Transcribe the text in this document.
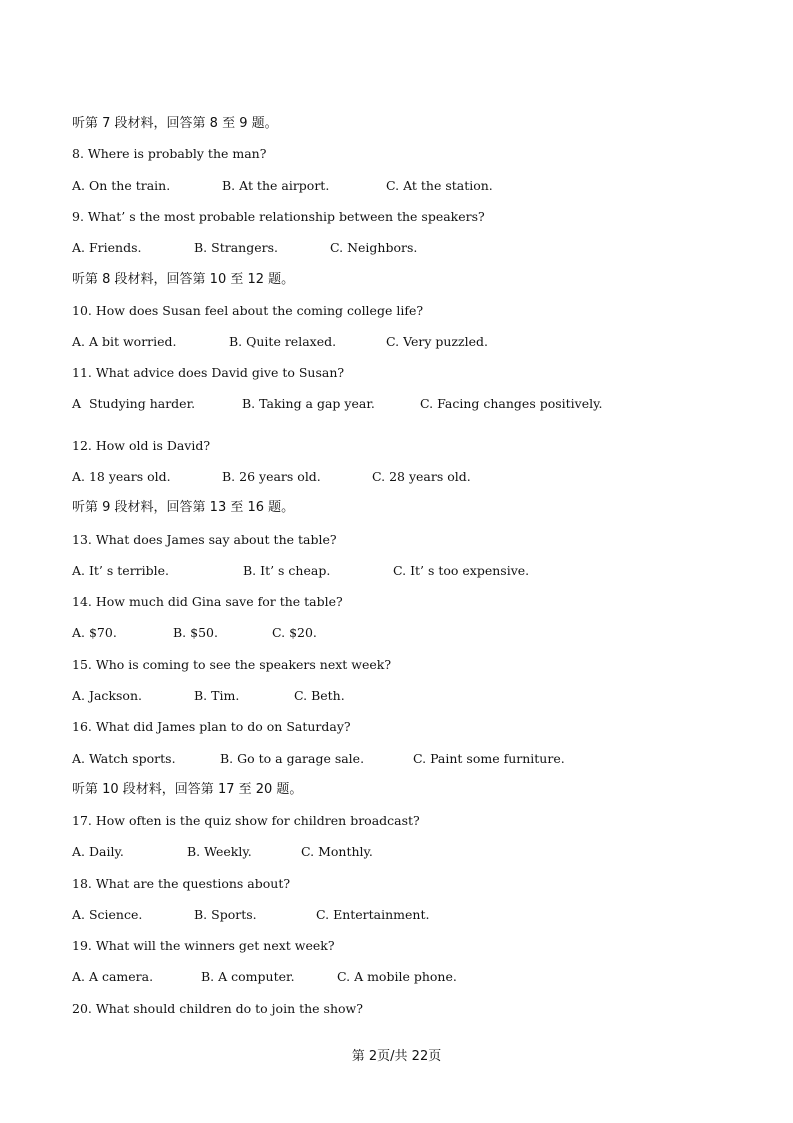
听第 7 段材料，回答第 8 至 9 题。
8. Where is probably the man?
A. On the train.	B. At the airport.	C. At the station.
9. What’ s the most probable relationship between the speakers?
A. Friends.	B. Strangers.	C. Neighbors.
听第 8 段材料，回答第 10 至 12 题。
10. How does Susan feel about the coming college life?
A. A bit worried.	B. Quite relaxed.	C. Very puzzled.
11. What advice does David give to Susan?
A  Studying harder.	B. Taking a gap year.	C. Facing changes positively.
12. How old is David?
A. 18 years old.	B. 26 years old.	C. 28 years old.
听第 9 段材料，回答第 13 至 16 题。
13. What does James say about the table?
A. It’ s terrible.	B. It’ s cheap.	C. It’ s too expensive.
14. How much did Gina save for the table?
A. $70.	B. $50.	C. $20.
15. Who is coming to see the speakers next week?
A. Jackson.	B. Tim.	C. Beth.
16. What did James plan to do on Saturday?
A. Watch sports.	B. Go to a garage sale.	C. Paint some furniture.
听第 10 段材料，回答第 17 至 20 题。
17. How often is the quiz show for children broadcast?
A. Daily.	B. Weekly.	C. Monthly.
18. What are the questions about?
A. Science.	B. Sports.	C. Entertainment.
19. What will the winners get next week?
A. A camera.	B. A computer.	C. A mobile phone.
20. What should children do to join the show?
第 2页/共 22页
